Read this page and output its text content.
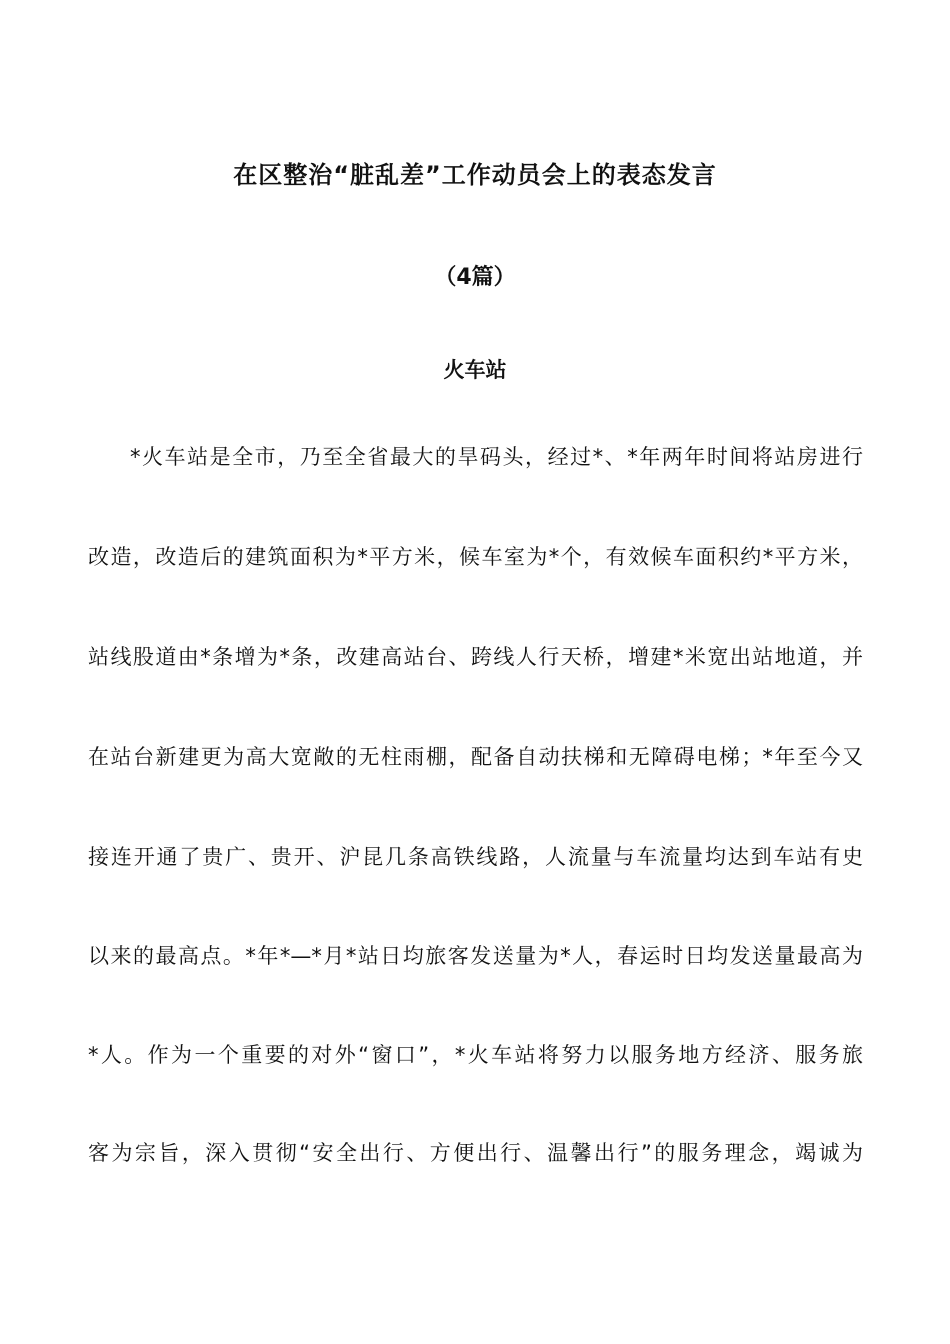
在区整治“脏乱差”工作动员会上的表态发言
（4篇）
火车站
*火车站是全市，乃至全省最大的旱码头，经过*、*年两年时间将站房进行
改造，改造后的建筑面积为*平方米，候车室为*个，有效候车面积约*平方米，
站线股道由*条增为*条，改建高站台、跨线人行天桥，增建*米宽出站地道，并
在站台新建更为高大宽敞的无柱雨棚，配备自动扶梯和无障碍电梯；*年至今又
接连开通了贵广、贵开、沪昆几条高铁线路，人流量与车流量均达到车站有史
以来的最高点。*年*—*月*站日均旅客发送量为*人，春运时日均发送量最高为
*人。作为一个重要的对外“窗口”，*火车站将努力以服务地方经济、服务旅
客为宗旨，深入贯彻“安全出行、方便出行、温馨出行”的服务理念，竭诚为
